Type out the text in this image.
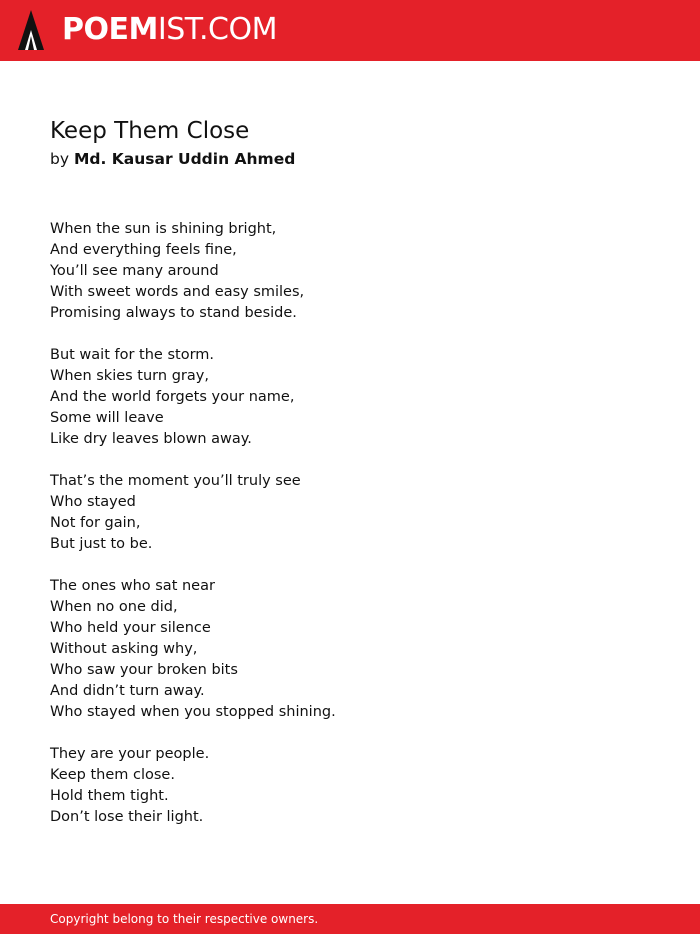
POEMIST.COM
Keep Them Close
by Md. Kausar Uddin Ahmed
When the sun is shining bright,
And everything feels fine,
You’ll see many around
With sweet words and easy smiles,
Promising always to stand beside.
But wait for the storm.
When skies turn gray,
And the world forgets your name,
Some will leave
Like dry leaves blown away.
That’s the moment you’ll truly see
Who stayed
Not for gain,
But just to be.
The ones who sat near
When no one did,
Who held your silence
Without asking why,
Who saw your broken bits
And didn’t turn away.
Who stayed when you stopped shining.
They are your people.
Keep them close.
Hold them tight.
Don’t lose their light.
Copyright belong to their respective owners.
